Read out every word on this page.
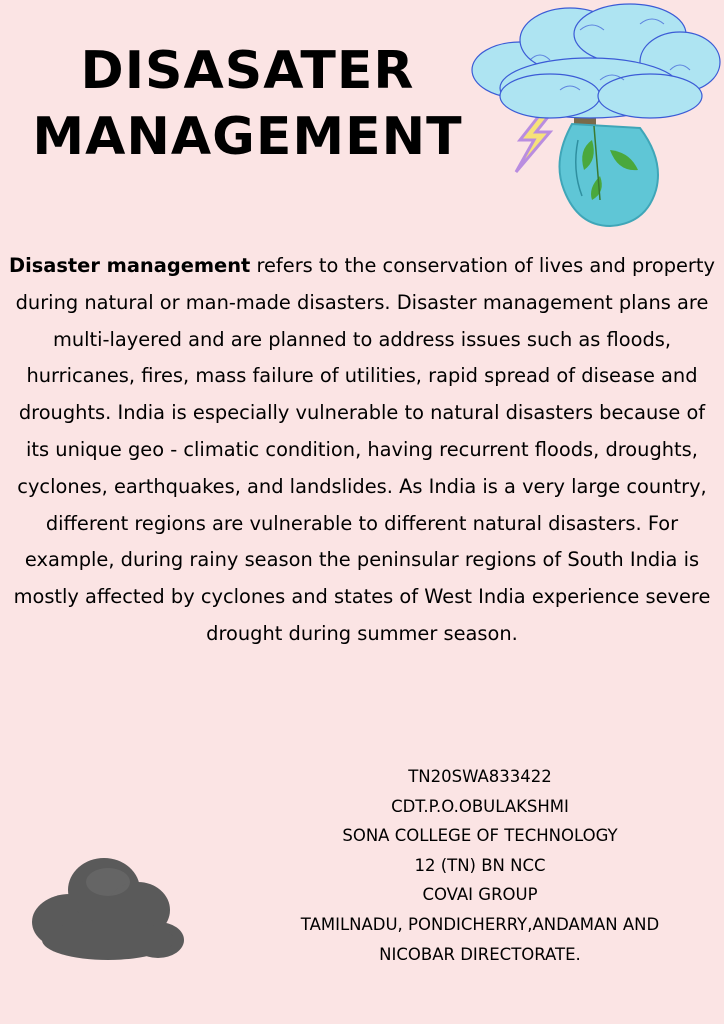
DISASATER
MANAGEMENT
Disaster management refers to the conservation of lives and property during natural or man-made disasters. Disaster management plans are multi-layered and are planned to address issues such as floods, hurricanes, fires, mass failure of utilities, rapid spread of disease and droughts. India is especially vulnerable to natural disasters because of its unique geo - climatic condition, having recurrent floods, droughts, cyclones, earthquakes, and landslides. As India is a very large country, different regions are vulnerable to different natural disasters. For example, during rainy season the peninsular regions of South India is mostly affected by cyclones and states of West India experience severe drought during summer season.
TN20SWA833422
CDT.P.O.OBULAKSHMI
SONA COLLEGE OF TECHNOLOGY
12 (TN) BN NCC
COVAI GROUP
TAMILNADU, PONDICHERRY,ANDAMAN AND
NICOBAR DIRECTORATE.
